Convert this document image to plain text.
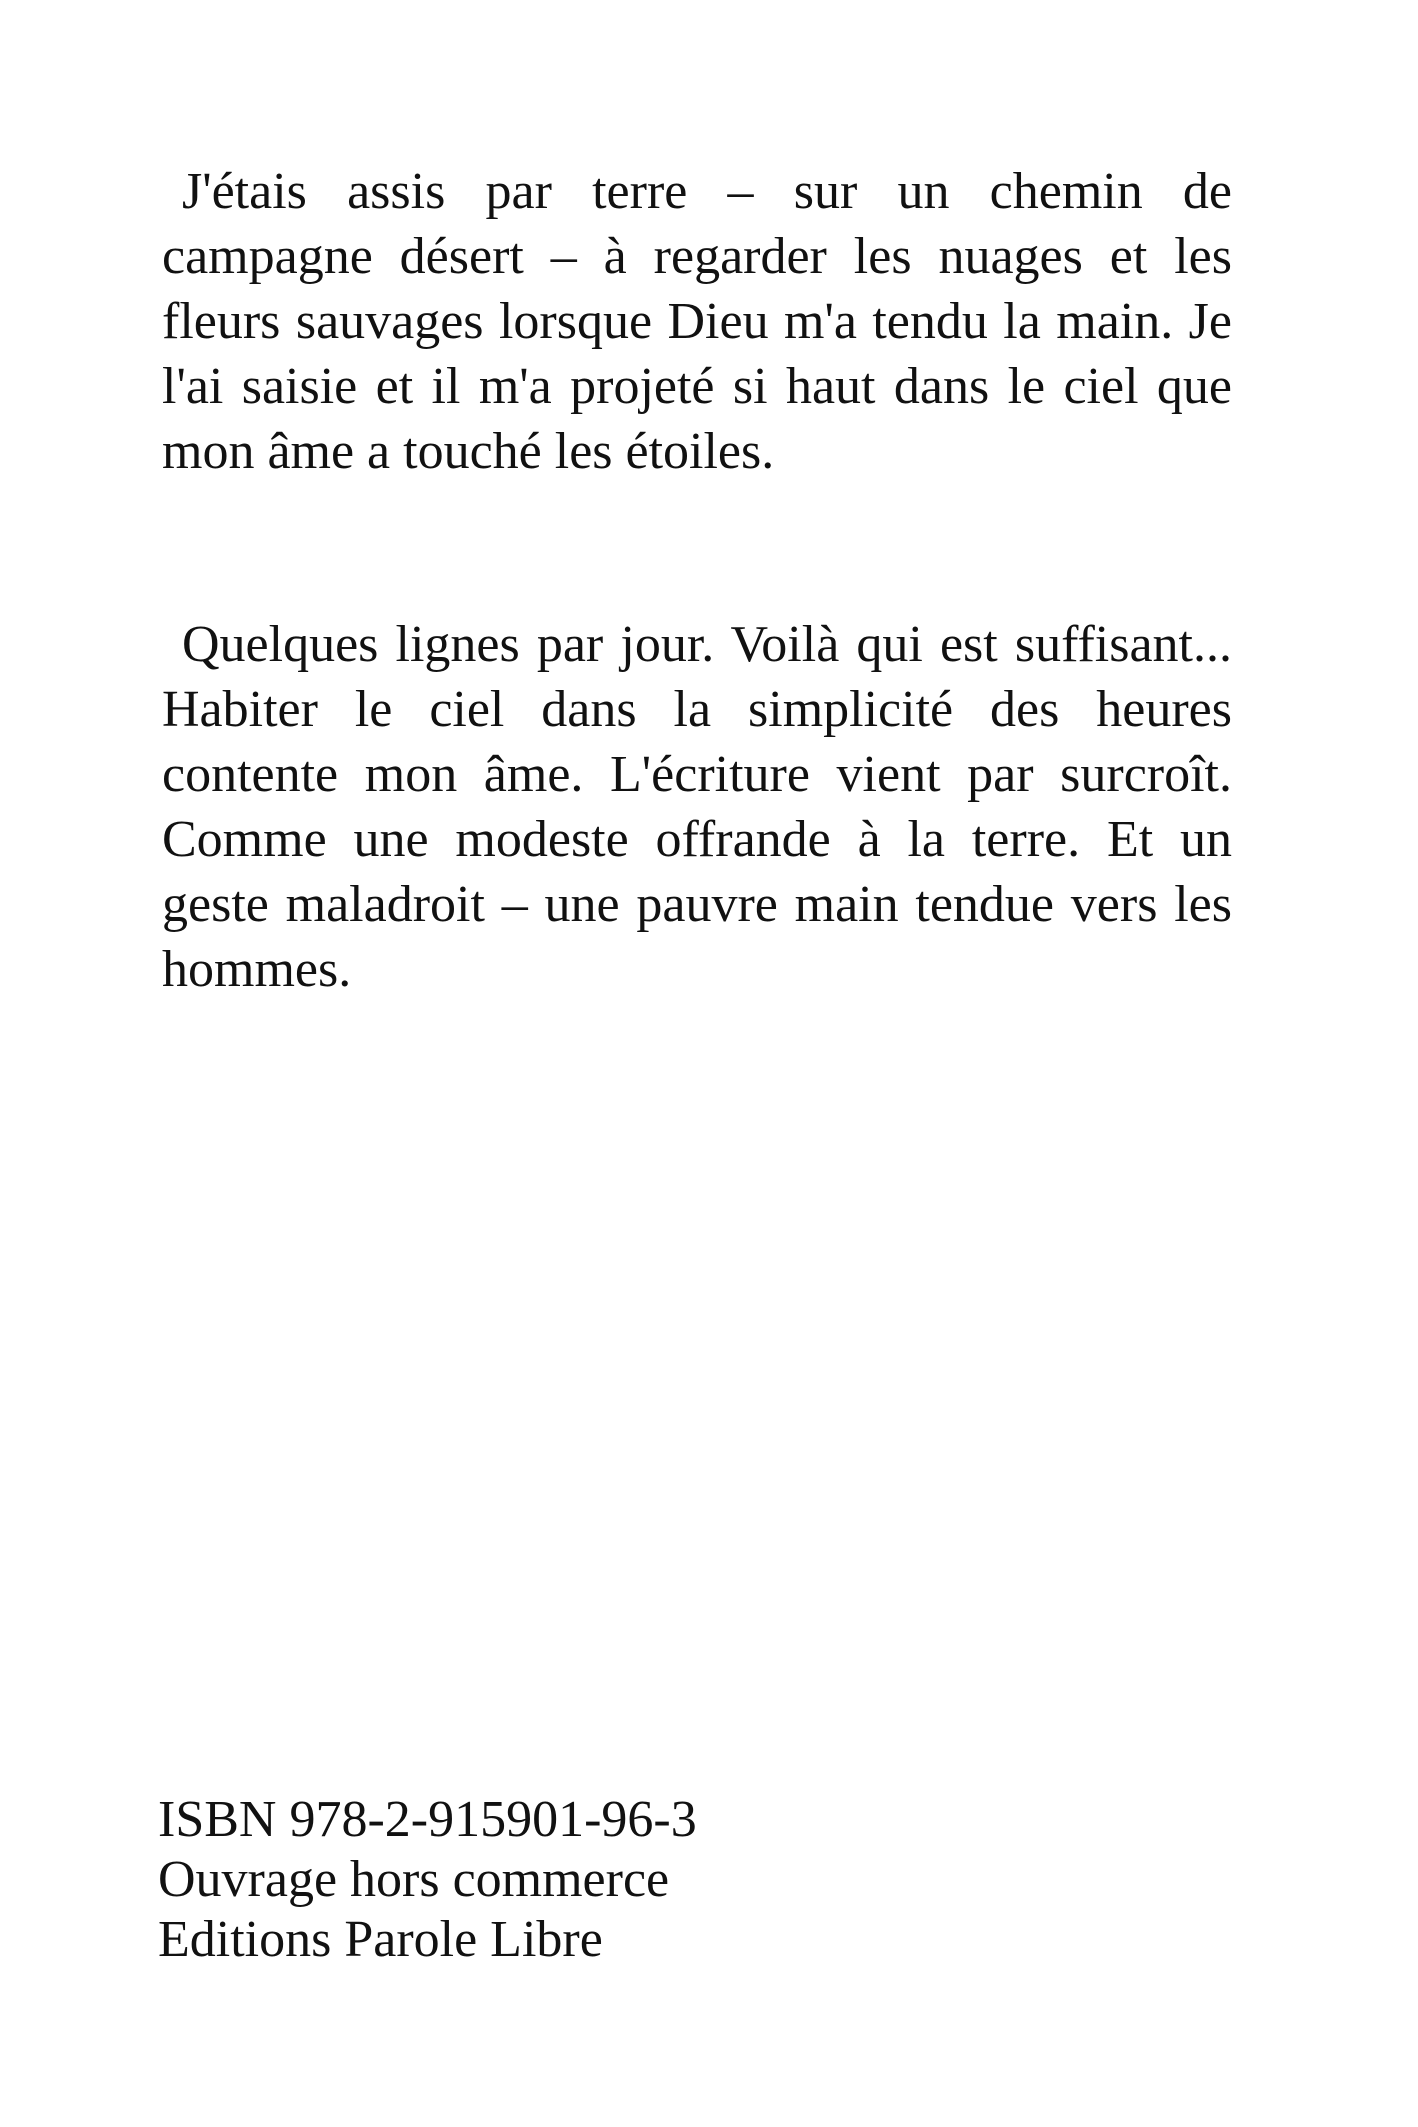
J'étais assis par terre – sur un chemin de campagne désert – à regarder les nuages et les fleurs sauvages lorsque Dieu m'a tendu la main. Je l'ai saisie et il m'a projeté si haut dans le ciel que mon âme a touché les étoiles.

Quelques lignes par jour. Voilà qui est suffisant... Habiter le ciel dans la simplicité des heures contente mon âme. L'écriture vient par surcroît. Comme une modeste offrande à la terre. Et un geste maladroit – une pauvre main tendue vers les hommes.

ISBN 978-2-915901-96-3
Ouvrage hors commerce
Editions Parole Libre
